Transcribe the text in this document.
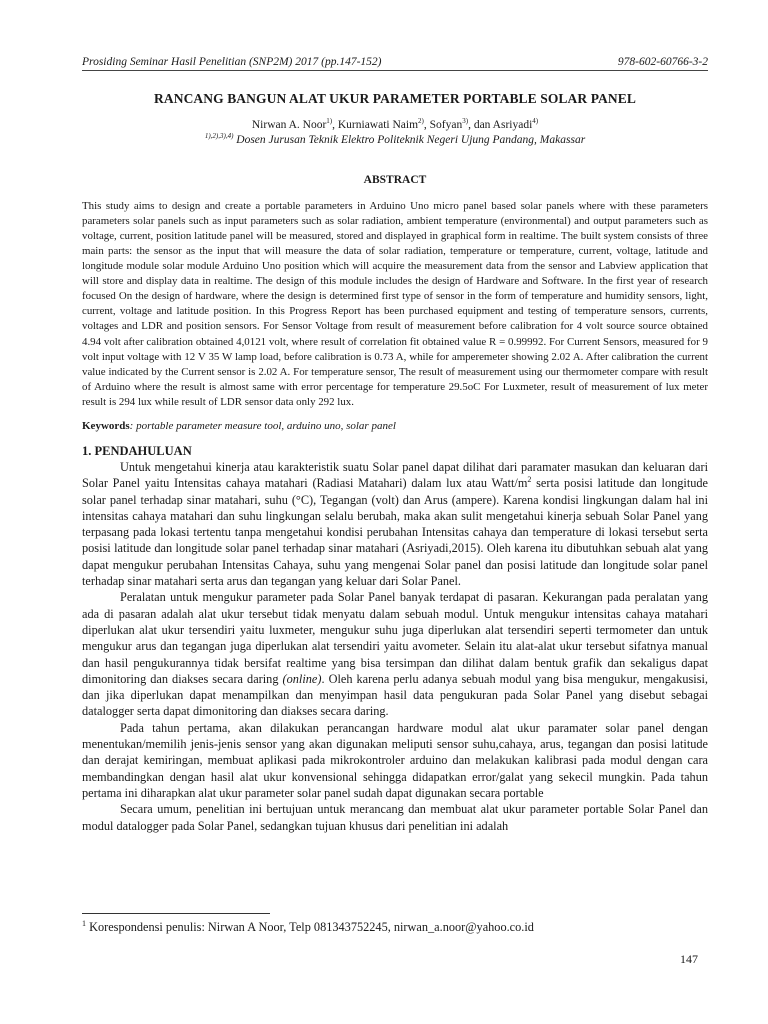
Prosiding Seminar Hasil Penelitian (SNP2M) 2017 (pp.147-152)	978-602-60766-3-2
RANCANG BANGUN ALAT UKUR PARAMETER PORTABLE SOLAR PANEL
Nirwan A. Noor$^{1)}$, Kurniawati Naim$^{2)}$, Sofyan$^{3)}$, dan Asriyadi$^{4)}$
$^{1),2),3),4)}$ Dosen Jurusan Teknik Elektro Politeknik Negeri Ujung Pandang, Makassar
ABSTRACT
This study aims to design and create a portable parameters in Arduino Uno micro panel based solar panels where with these parameters parameters solar panels such as input parameters such as solar radiation, ambient temperature (environmental) and output parameters such as voltage, current, position latitude panel will be measured, stored and displayed in graphical form in realtime. The built system consists of three main parts: the sensor as the input that will measure the data of solar radiation, temperature or temperature, current, voltage, latitude and longitude module solar module Arduino Uno position which will acquire the measurement data from the sensor and Labview application that will store and display data in realtime. The design of this module includes the design of Hardware and Software. In the first year of research focused On the design of hardware, where the design is determined first type of sensor in the form of temperature and humidity sensors, light, current, voltage and latitude position. In this Progress Report has been purchased equipment and testing of temperature sensors, currents, voltages and LDR and position sensors. For Sensor Voltage from result of measurement before calibration for 4 volt source source obtained 4.94 volt after calibration obtained 4,0121 volt, where result of correlation fit obtained value R = 0.99992. For Current Sensors, measured for 9 volt input voltage with 12 V 35 W lamp load, before calibration is 0.73 A, while for amperemeter showing 2.02 A. After calibration the current value indicated by the Current sensor is 2.02 A. For temperature sensor, The result of measurement using our thermometer compare with result of Arduino where the result is almost same with error percentage for temperature 29.5oC For Luxmeter, result of measurement of lux meter result is 294 lux while result of LDR sensor data only 292 lux.
Keywords: portable parameter measure tool, arduino uno, solar panel
1. PENDAHULUAN

Untuk mengetahui kinerja atau karakteristik suatu Solar panel dapat dilihat dari paramater masukan dan keluaran dari Solar Panel yaitu Intensitas cahaya matahari (Radiasi Matahari) dalam lux atau Watt/$m^2$ serta posisi latitude dan longitude solar panel terhadap sinar matahari, suhu (°C), Tegangan (volt) dan Arus (ampere). Karena kondisi lingkungan dalam hal ini intensitas cahaya matahari dan suhu lingkungan selalu berubah, maka akan sulit mengetahui kinerja sebuah Solar Panel yang terpasang pada lokasi tertentu tanpa mengetahui kondisi perubahan Intensitas cahaya dan temperature di lokasi tersebut serta posisi latitude dan longitude solar panel terhadap sinar matahari (Asriyadi,2015). Oleh karena itu dibutuhkan sebuah alat yang dapat mengukur perubahan Intensitas Cahaya, suhu yang mengenai Solar panel dan posisi latitude dan longitude solar panel terhadap sinar matahari serta arus dan tegangan yang keluar dari Solar Panel.

Peralatan untuk mengukur parameter pada Solar Panel banyak terdapat di pasaran. Kekurangan pada peralatan yang ada di pasaran adalah alat ukur tersebut tidak menyatu dalam sebuah modul. Untuk mengukur intensitas cahaya matahari diperlukan alat ukur tersendiri yaitu luxmeter, mengukur suhu juga diperlukan alat tersendiri seperti termometer dan untuk mengukur arus dan tegangan juga diperlukan alat tersendiri yaitu avometer. Selain itu alat-alat ukur tersebut sifatnya manual dan hasil pengukurannya tidak bersifat realtime yang bisa tersimpan dan dilihat dalam bentuk grafik dan sekaligus dapat dimonitoring dan diakses secara daring (online). Oleh karena perlu adanya sebuah modul yang bisa mengukur, mengakusisi, dan jika diperlukan dapat menampilkan dan menyimpan hasil data pengukuran pada Solar Panel yang disebut sebagai datalogger serta dapat dimonitoring dan diakses secara daring.

Pada tahun pertama, akan dilakukan perancangan hardware modul alat ukur paramater solar panel dengan menentukan/memilih jenis-jenis sensor yang akan digunakan meliputi sensor suhu,cahaya, arus, tegangan dan posisi latitude dan derajat kemiringan, membuat aplikasi pada mikrokontroler arduino dan melakukan kalibrasi pada modul dengan cara membandingkan dengan hasil alat ukur konvensional sehingga didapatkan error/galat yang sekecil mungkin. Pada tahun pertama ini diharapkan alat ukur parameter solar panel sudah dapat digunakan secara portable

Secara umum, penelitian ini bertujuan untuk merancang dan membuat alat ukur parameter portable Solar Panel dan modul datalogger pada Solar Panel, sedangkan tujuan khusus dari penelitian ini adalah

$^1$ Korespondensi penulis: Nirwan A Noor, Telp 081343752245, nirwan_a.noor@yahoo.co.id
147
